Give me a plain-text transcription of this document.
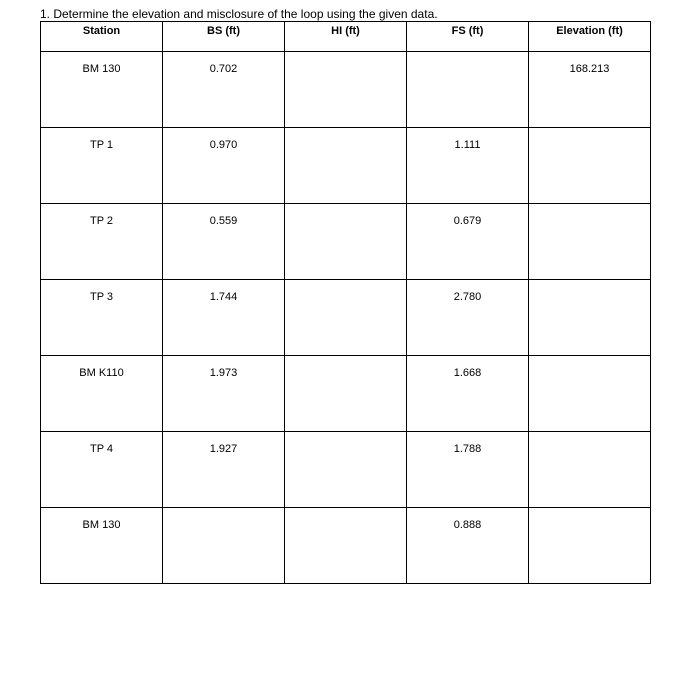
1. Determine the elevation and misclosure of the loop using the given data.
Station	BS (ft)	HI (ft)	FS (ft)	Elevation (ft)
BM 130	0.702			168.213
TP 1	0.970		1.111	
TP 2	0.559		0.679	
TP 3	1.744		2.780	
BM K110	1.973		1.668	
TP 4	1.927		1.788	
BM 130			0.888	
